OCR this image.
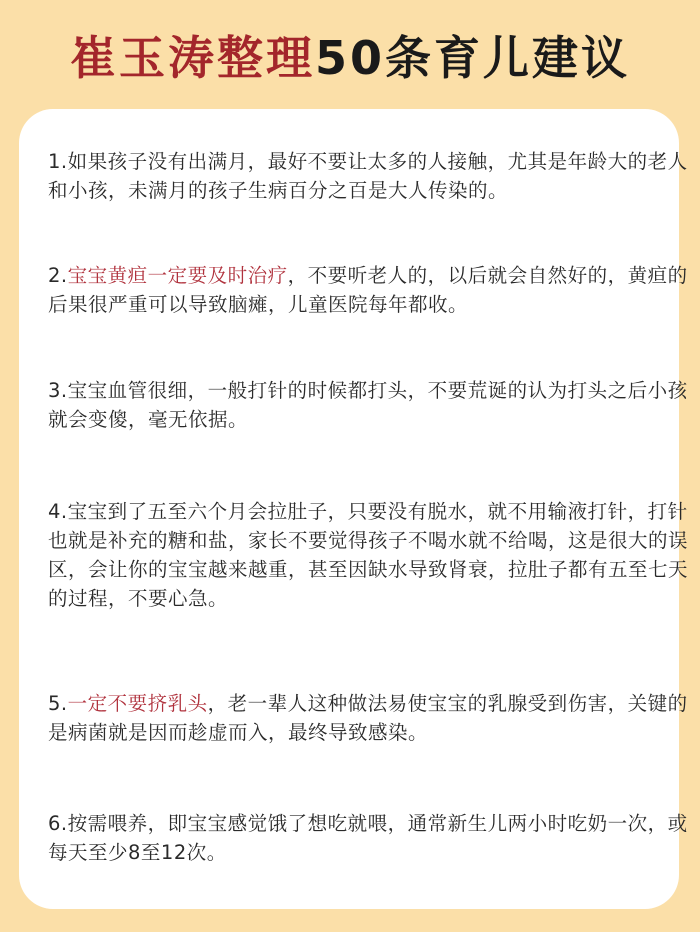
崔玉涛整理50条育儿建议

1.如果孩子没有出满月，最好不要让太多的人接触，尤其是年龄大的老人和小孩，未满月的孩子生病百分之百是大人传染的。

2.宝宝黄疸一定要及时治疗，不要听老人的，以后就会自然好的，黄疸的后果很严重可以导致脑瘫，儿童医院每年都收。

3.宝宝血管很细，一般打针的时候都打头，不要荒诞的认为打头之后小孩就会变傻，毫无依据。

4.宝宝到了五至六个月会拉肚子，只要没有脱水，就不用输液打针，打针也就是补充的糖和盐，家长不要觉得孩子不喝水就不给喝，这是很大的误区，会让你的宝宝越来越重，甚至因缺水导致肾衰，拉肚子都有五至七天的过程，不要心急。

5.一定不要挤乳头，老一辈人这种做法易使宝宝的乳腺受到伤害，关键的是病菌就是因而趁虚而入，最终导致感染。

6.按需喂养，即宝宝感觉饿了想吃就喂，通常新生儿两小时吃奶一次，或每天至少8至12次。
